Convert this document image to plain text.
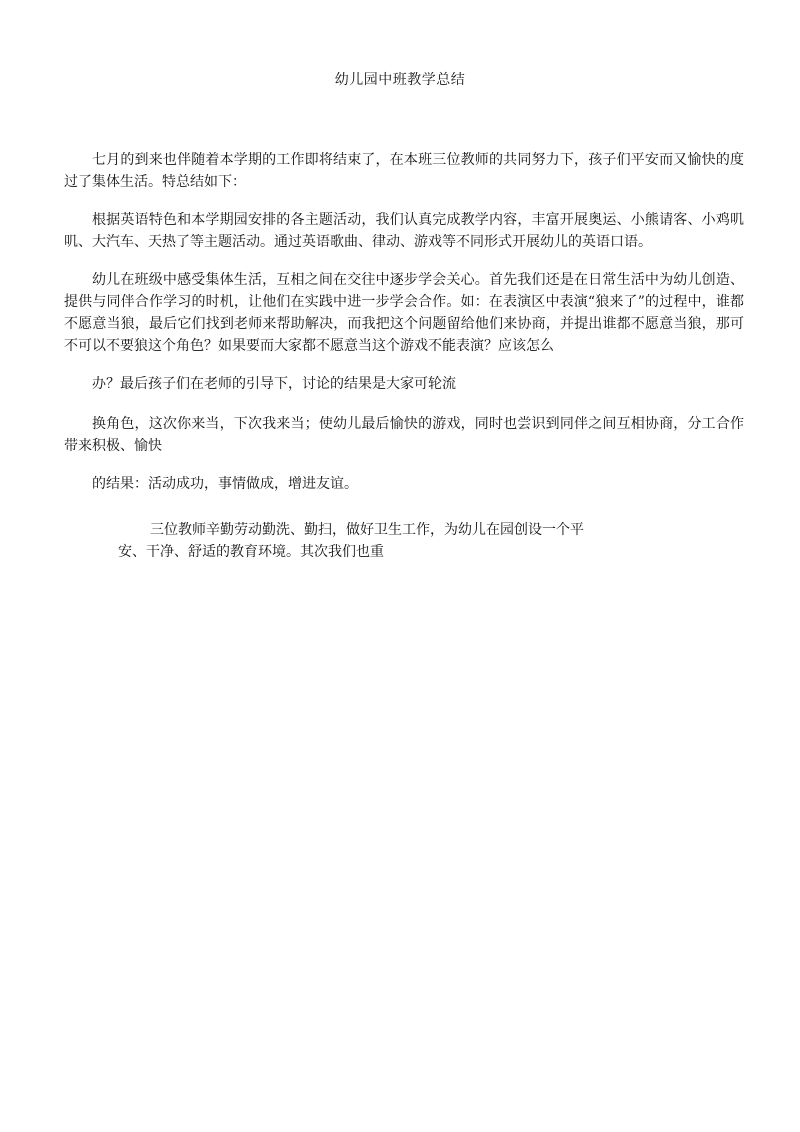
幼儿园中班教学总结

七月的到来也伴随着本学期的工作即将结束了，在本班三位教师的共同努力下，孩子们平安而又愉快的度过了集体生活。特总结如下：

根据英语特色和本学期园安排的各主题活动，我们认真完成教学内容，丰富开展奥运、小熊请客、小鸡叽叽、大汽车、天热了等主题活动。通过英语歌曲、律动、游戏等不同形式开展幼儿的英语口语。

幼儿在班级中感受集体生活，互相之间在交往中逐步学会关心。首先我们还是在日常生活中为幼儿创造、提供与同伴合作学习的时机，让他们在实践中进一步学会合作。如：在表演区中表演“狼来了”的过程中，谁都不愿意当狼，最后它们找到老师来帮助解决，而我把这个问题留给他们来协商，并提出谁都不愿意当狼，那可不可以不要狼这个角色？如果要而大家都不愿意当这个游戏不能表演？应该怎么

办？最后孩子们在老师的引导下，讨论的结果是大家可轮流

换角色，这次你来当，下次我来当；使幼儿最后愉快的游戏，同时也尝识到同伴之间互相协商，分工合作带来积极、愉快

的结果：活动成功，事情做成，增进友谊。

三位教师辛勤劳动勤洗、勤扫，做好卫生工作，为幼儿在园创设一个平

安、干净、舒适的教育环境。其次我们也重
